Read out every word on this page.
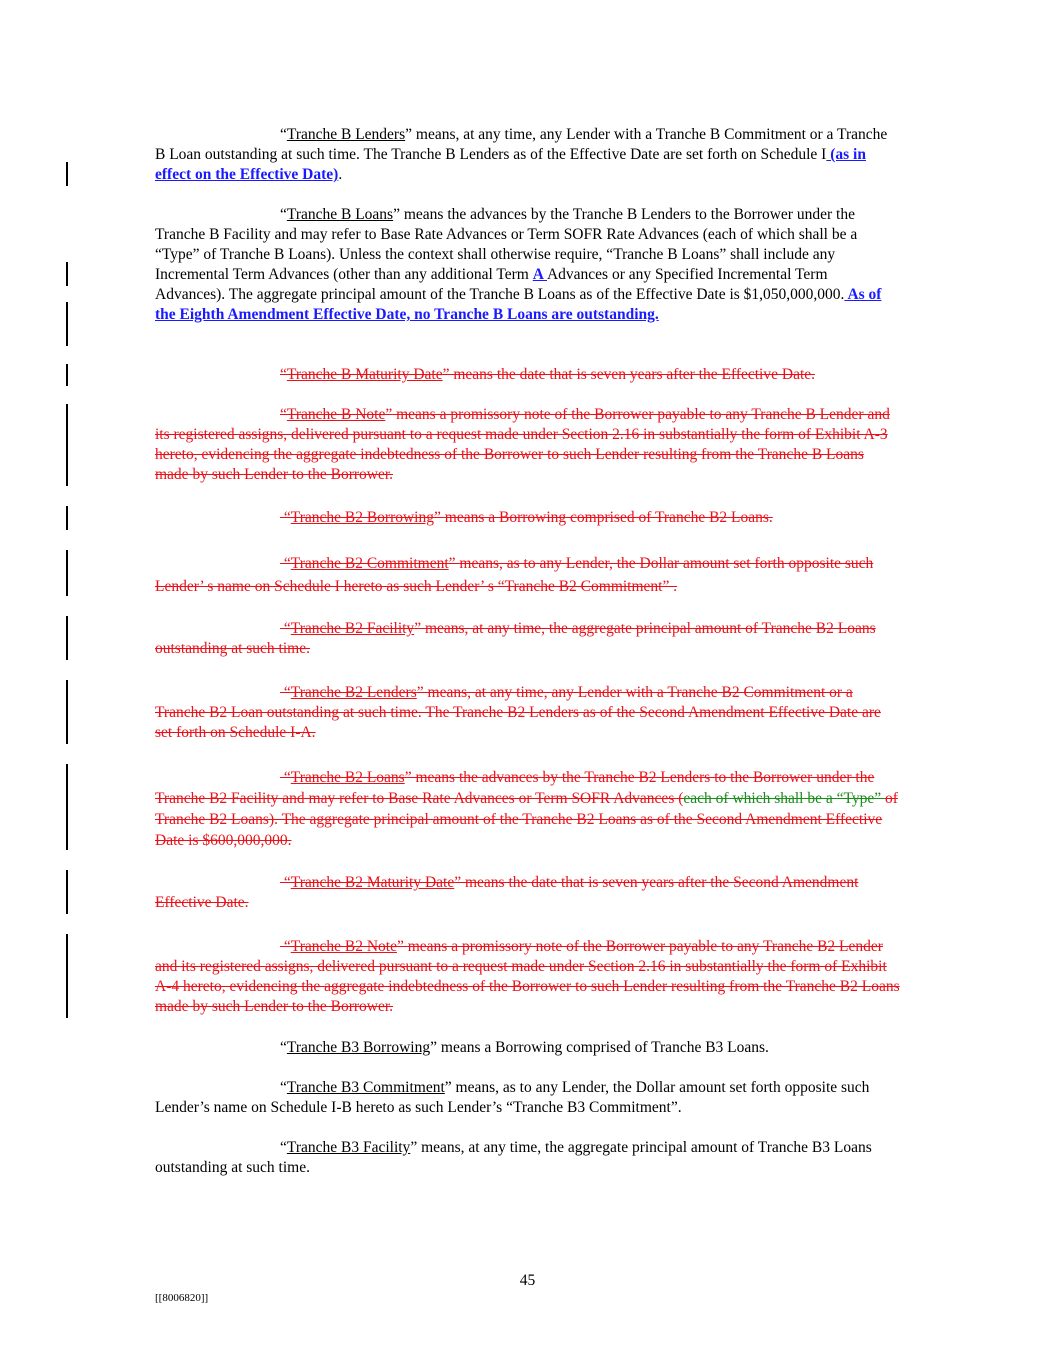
“Tranche B Lenders” means, at any time, any Lender with a Tranche B Commitment or a Tranche B Loan outstanding at such time. The Tranche B Lenders as of the Effective Date are set forth on Schedule I (as in effect on the Effective Date).

“Tranche B Loans” means the advances by the Tranche B Lenders to the Borrower under the Tranche B Facility and may refer to Base Rate Advances or Term SOFR Rate Advances (each of which shall be a “Type” of Tranche B Loans). Unless the context shall otherwise require, “Tranche B Loans” shall include any Incremental Term Advances (other than any additional Term A Advances or any Specified Incremental Term Advances). The aggregate principal amount of the Tranche B Loans as of the Effective Date is $1,050,000,000. As of the Eighth Amendment Effective Date, no Tranche B Loans are outstanding.

“Tranche B Maturity Date” means the date that is seven years after the Effective Date.

“Tranche B Note” means a promissory note of the Borrower payable to any Tranche B Lender and its registered assigns, delivered pursuant to a request made under Section 2.16 in substantially the form of Exhibit A-3 hereto, evidencing the aggregate indebtedness of the Borrower to such Lender resulting from the Tranche B Loans made by such Lender to the Borrower.

“Tranche B2 Borrowing” means a Borrowing comprised of Tranche B2 Loans.

“Tranche B2 Commitment” means, as to any Lender, the Dollar amount set forth opposite such Lender’ s name on Schedule I hereto as such Lender’ s “Tranche B2 Commitment” .

“Tranche B2 Facility” means, at any time, the aggregate principal amount of Tranche B2 Loans outstanding at such time.

“Tranche B2 Lenders” means, at any time, any Lender with a Tranche B2 Commitment or a Tranche B2 Loan outstanding at such time. The Tranche B2 Lenders as of the Second Amendment Effective Date are set forth on Schedule I-A.

“Tranche B2 Loans” means the advances by the Tranche B2 Lenders to the Borrower under the Tranche B2 Facility and may refer to Base Rate Advances or Term SOFR Advances (each of which shall be a “Type” of Tranche B2 Loans). The aggregate principal amount of the Tranche B2 Loans as of the Second Amendment Effective Date is $600,000,000.

“Tranche B2 Maturity Date” means the date that is seven years after the Second Amendment Effective Date.

“Tranche B2 Note” means a promissory note of the Borrower payable to any Tranche B2 Lender and its registered assigns, delivered pursuant to a request made under Section 2.16 in substantially the form of Exhibit A-4 hereto, evidencing the aggregate indebtedness of the Borrower to such Lender resulting from the Tranche B2 Loans made by such Lender to the Borrower.

“Tranche B3 Borrowing” means a Borrowing comprised of Tranche B3 Loans.

“Tranche B3 Commitment” means, as to any Lender, the Dollar amount set forth opposite such Lender’s name on Schedule I-B hereto as such Lender’s “Tranche B3 Commitment”.

“Tranche B3 Facility” means, at any time, the aggregate principal amount of Tranche B3 Loans outstanding at such time.

45
[[8006820]]
